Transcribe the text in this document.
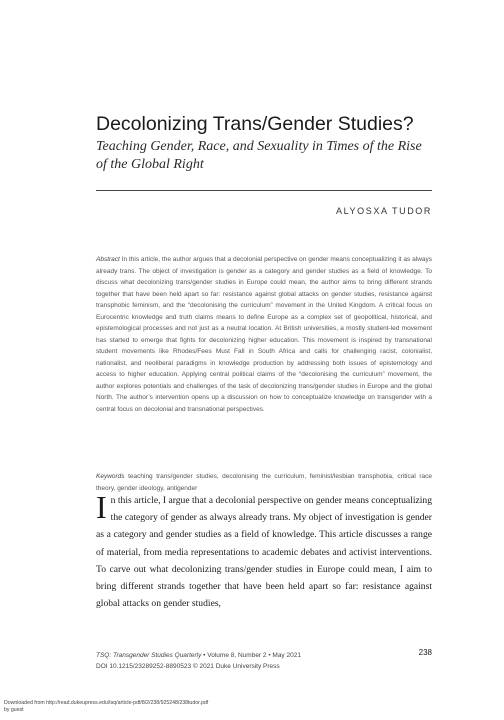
Decolonizing Trans/Gender Studies?
Teaching Gender, Race, and Sexuality in Times of the Rise of the Global Right
ALYOSXA TUDOR
Abstract In this article, the author argues that a decolonial perspective on gender means conceptualizing it as always already trans. The object of investigation is gender as a category and gender studies as a field of knowledge. To discuss what decolonizing trans/gender studies in Europe could mean, the author aims to bring different strands together that have been held apart so far: resistance against global attacks on gender studies, resistance against transphobic feminism, and the “decolonising the curriculum” movement in the United Kingdom. A critical focus on Eurocentric knowledge and truth claims means to define Europe as a complex set of geopolitical, historical, and epistemological processes and not just as a neutral location. At British universities, a mostly student-led movement has started to emerge that fights for decolonizing higher education. This movement is inspired by transnational student movements like Rhodes/Fees Must Fall in South Africa and calls for challenging racist, colonialist, nationalist, and neoliberal paradigms in knowledge production by addressing both issues of epistemology and access to higher education. Applying central political claims of the “decolonising the curriculum” movement, the author explores potentials and challenges of the task of decolonizing trans/gender studies in Europe and the global North. The author’s intervention opens up a discussion on how to conceptualize knowledge on transgender with a central focus on decolonial and transnational perspectives.
Keywords teaching trans/gender studies, decolonising the curriculum, feminist/lesbian transphobia, critical race theory, gender ideology, antigender
In this article, I argue that a decolonial perspective on gender means conceptualizing the category of gender as always already trans. My object of investigation is gender as a category and gender studies as a field of knowledge. This article discusses a range of material, from media representations to academic debates and activist interventions. To carve out what decolonizing trans/gender studies in Europe could mean, I aim to bring different strands together that have been held apart so far: resistance against global attacks on gender studies,
TSQ: Transgender Studies Quarterly • Volume 8, Number 2 • May 2021
DOI 10.1215/23289252-8890523 © 2021 Duke University Press
238
Downloaded from http://read.dukeupress.edu/tsq/article-pdf/8/2/238/925248/238tudor.pdf
by guest
